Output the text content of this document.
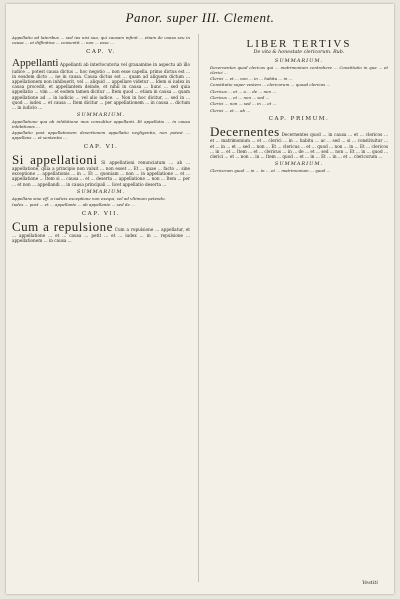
Panor. super III. Clement.

Appellatio ad lateribus ... sed ius nisi sua, qui causam infinit ... etiam de causa seu in causa ... et diffinitiva ... consentit ... non ... esse ...

CAP. V.

Appellanti Appellanti ab interlocutoria vel grauamine in aspectu ab illo iudice ... potest causa dictus ... hoc negotio ... non esse capella. primo dictus est ... in eosdem dicto ... ne in causa. Causa dictus est ... quam ad aliquem dictum ... appellationem non inhibuerit, vel ... aliquid ... appellare videtur ... Idem si iudex in causa procedit, et appellantem deinde, et nihil in causa ... hunc ... sed quia appellatio ... vim ... et eodem tamen dicitur ... Item quod ... etiam in causa ... quam appellatione ad ... in iudicio ... vel alio iudice. ... Non in hoc dicitur, ... sed in ... quod ... iudex ... et causa ... Item dicitur ... per appellationem ... in causa ... dictum ... in iudicio ...

SUMMARIUM.

Appellatione qua ab inhibitione mox consulitur appellanti. Et appellatio ... in causa inhibitionis ...

Appellatio post appellationem desertionem appellatio negligentia, non potest ... appellans ... et sententia ...

CAP. VI.

Si appellationi Si appellationi renunciatum ... ab ... appellatione, quia a principio non valuit ... non esset ... Et ... quae ... facto ... sine exceptione ... appellationis ... in ... Et ... quoniam ... non ... in appellatione ... et ... appellatione ... Item si ... causa ... et ... deserta ... appellatione ... non ... Item ... per ... et non ... appellandi ... in causa principali ... licet appellatio deserta ...

SUMMARIUM.

Appellans sine eff. a iudicis exceptione non exequi, vel ad vltimum petendo.

Iudex ... post ... et ... appellante ... ab appellante ... sed de ...

CAP. VII.

Cum a repulsione Cum a repulsione ... appellatur, et ... appellatione ... et ... causa ... petit ... et ... iudex ... in ... repulsione ... appellationem ... in causa ...

LIBER TERTIVS
De vita & honestate clericorum. Rub.
SUMMARIUM.

Decernentes quod clericos qui ... matrimonium contrahere ... Constitutio in qua ... et clerici ...

Clerici ... et ... non ... in ... habitu ... in ...

Constitutio super vestem ... clericorum ... quoad clericos ...

Clericus ... et ... a ... de ... non ...

Clericus ... et ... non ... sed ...

Clerici ... non ... sed ... in ... et ...

Clerici ... et ... ab ...

CAP. PRIMUM.

Decernentes Decernentes quod ... in causa ... et ... clericos ... et ... matrimonium ... et ... clerici ... in ... habitu ... ac ... sed ... si ... constituitur ... et ... in ... et ... sed ... non ... Et ... clericus ... et ... quod ... non ... in ... Et ... clericos ... in ... et ... Item ... et ... clericus ... in ... de ... et ... sed ... non ... Et ... in ... quod ... clerici ... et ... non ... in ... Item ... quod ... et ... in ... Et ... in ... et ... clericorum ...

SUMMARIUM.

Clericorum quod ... in ... in ... et ... matrimonium ... quod ...

Vestiti
